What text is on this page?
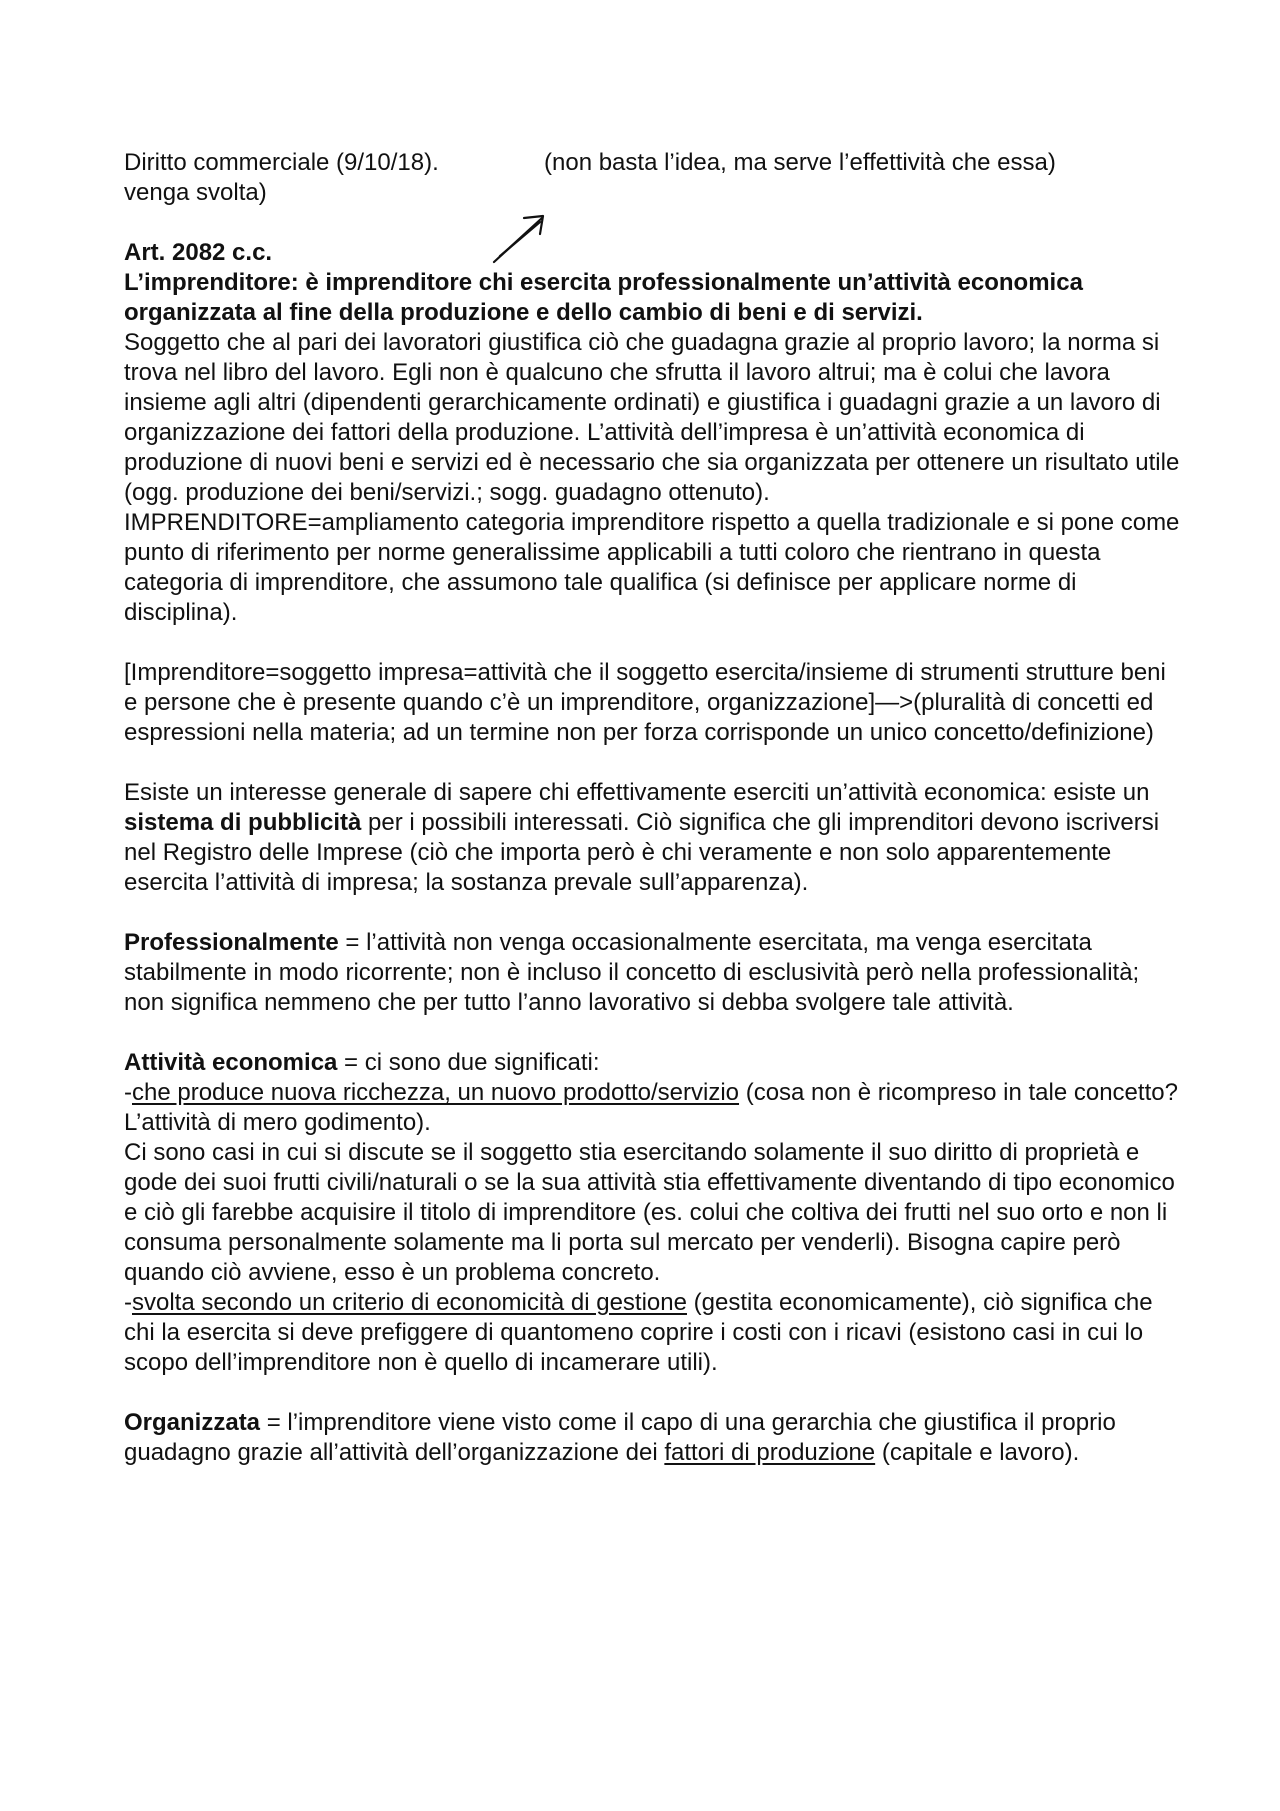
Diritto commerciale (9/10/18).	(non basta l’idea, ma serve l’effettività che essa)

venga svolta)

Art. 2082 c.c.

L’imprenditore: è imprenditore chi esercita professionalmente un’attività economica organizzata al fine della produzione e dello cambio di beni e di servizi.

Soggetto che al pari dei lavoratori giustifica ciò che guadagna grazie al proprio lavoro; la norma si trova nel libro del lavoro. Egli non è qualcuno che sfrutta il lavoro altrui; ma è colui che lavora insieme agli altri (dipendenti gerarchicamente ordinati) e giustifica i guadagni grazie a un lavoro di organizzazione dei fattori della produzione. L’attività dell’impresa è un’attività economica di produzione di nuovi beni e servizi ed è necessario che sia organizzata per ottenere un risultato utile (ogg. produzione dei beni/servizi.; sogg. guadagno ottenuto).

IMPRENDITORE=ampliamento categoria imprenditore rispetto a quella tradizionale e si pone come punto di riferimento per norme generalissime applicabili a tutti coloro che rientrano in questa categoria di imprenditore, che assumono tale qualifica (si definisce per applicare norme di disciplina).

[Imprenditore=soggetto impresa=attività che il soggetto esercita/insieme di strumenti strutture beni e persone che è presente quando c’è un imprenditore, organizzazione]—>(pluralità di concetti ed espressioni nella materia; ad un termine non per forza corrisponde un unico concetto/definizione)

Esiste un interesse generale di sapere chi effettivamente eserciti un’attività economica: esiste un sistema di pubblicità per i possibili interessati. Ciò significa che gli imprenditori devono iscriversi nel Registro delle Imprese (ciò che importa però è chi veramente e non solo apparentemente esercita l’attività di impresa; la sostanza prevale sull’apparenza).

Professionalmente = l’attività non venga occasionalmente esercitata, ma venga esercitata stabilmente in modo ricorrente; non è incluso il concetto di esclusività però nella professionalità; non significa nemmeno che per tutto l’anno lavorativo si debba svolgere tale attività.

Attività economica = ci sono due significati:

-che produce nuova ricchezza, un nuovo prodotto/servizio (cosa non è ricompreso in tale concetto? L’attività di mero godimento).

Ci sono casi in cui si discute se il soggetto stia esercitando solamente il suo diritto di proprietà e gode dei suoi frutti civili/naturali o se la sua attività stia effettivamente diventando di tipo economico e ciò gli farebbe acquisire il titolo di imprenditore (es. colui che coltiva dei frutti nel suo orto e non li consuma personalmente solamente ma li porta sul mercato per venderli). Bisogna capire però quando ciò avviene, esso è un problema concreto.

-svolta secondo un criterio di economicità di gestione (gestita economicamente), ciò significa che chi la esercita si deve prefiggere di quantomeno coprire i costi con i ricavi (esistono casi in cui lo scopo dell’imprenditore non è quello di incamerare utili).

Organizzata = l’imprenditore viene visto come il capo di una gerarchia che giustifica il proprio guadagno grazie all’attività dell’organizzazione dei fattori di produzione (capitale e lavoro).
